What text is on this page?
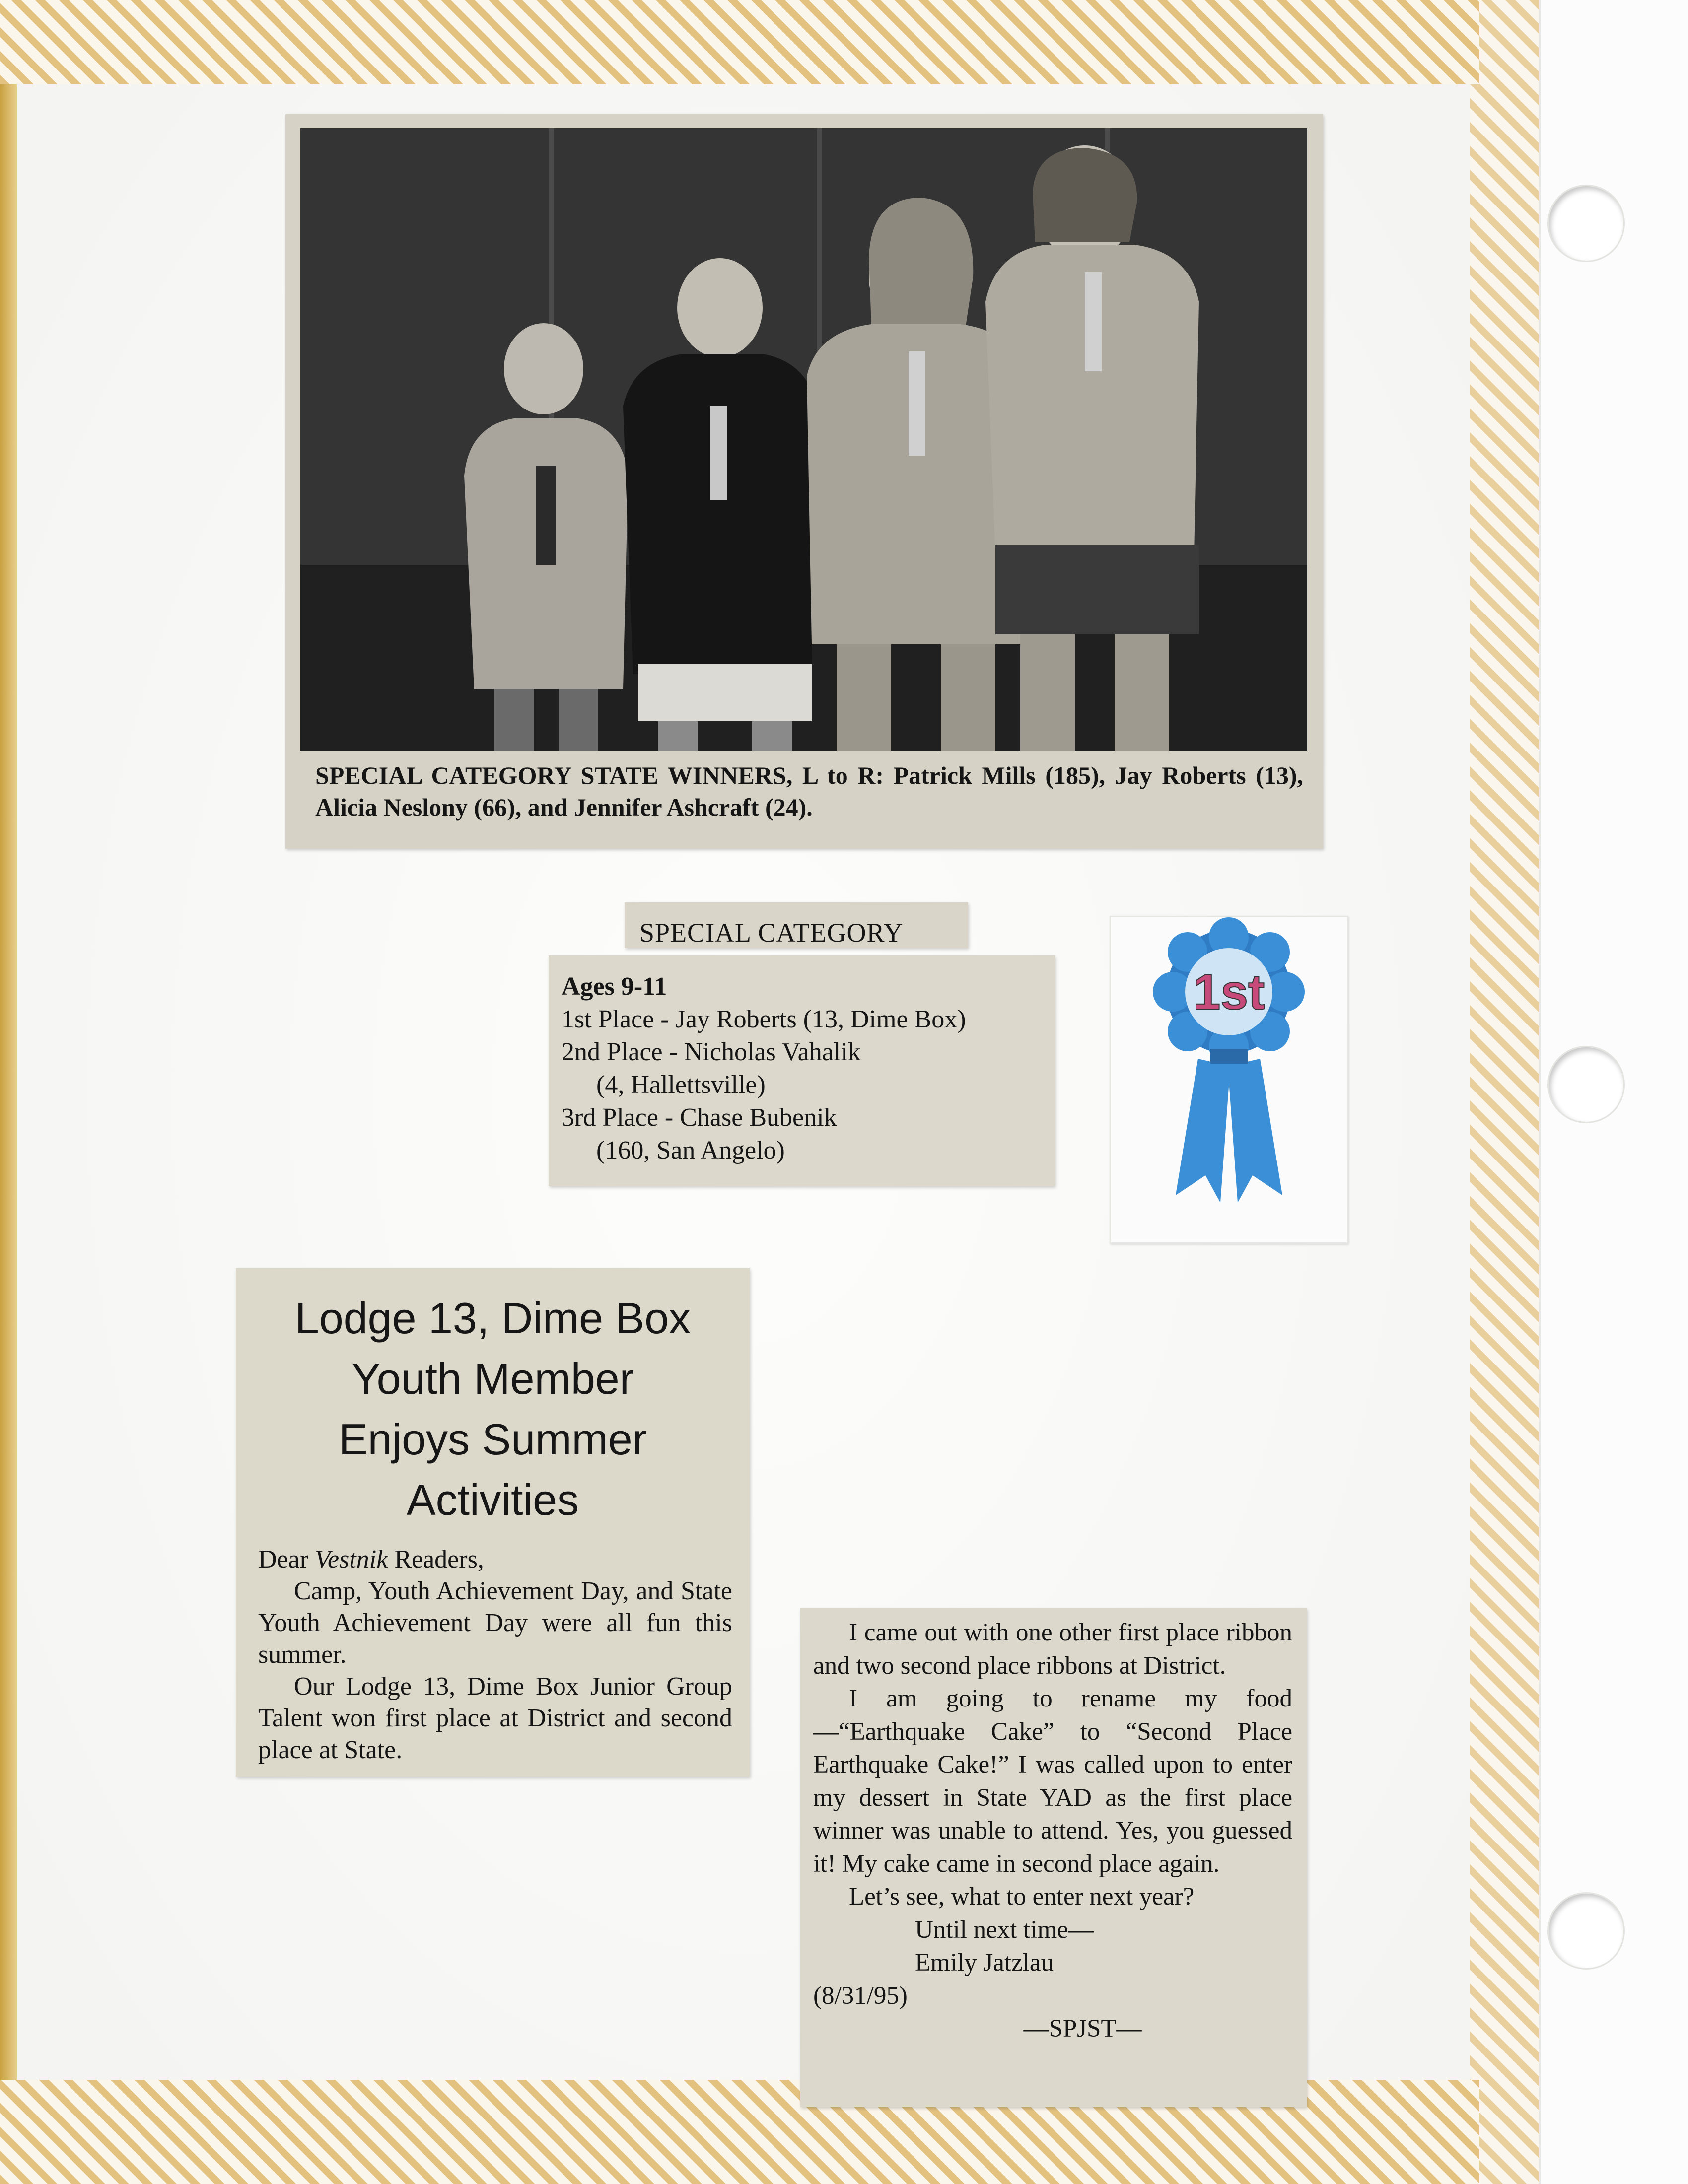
SPECIAL CATEGORY STATE WINNERS, L to R: Patrick Mills (185), Jay Roberts (13), Alicia Neslony (66), and Jennifer Ashcraft (24).
SPECIAL CATEGORY
Ages 9-11
1st Place - Jay Roberts (13, Dime Box)
2nd Place - Nicholas Vahalik
(4, Hallettsville)
3rd Place - Chase Bubenik
(160, San Angelo)
1st
Lodge 13, Dime Box
Youth Member
Enjoys Summer
Activities

Dear Vestnik Readers,

Camp, Youth Achievement Day, and State Youth Achievement Day were all fun this summer.

Our Lodge 13, Dime Box Junior Group Talent won first place at District and second place at State.

I came out with one other first place ribbon and two second place ribbons at District.

I am going to rename my food—“Earthquake Cake” to “Second Place Earthquake Cake!” I was called upon to enter my dessert in State YAD as the first place winner was unable to attend. Yes, you guessed it! My cake came in second place again.

Let’s see, what to enter next year?

Until next time—

Emily Jatzlau

(8/31/95)

—SPJST—
